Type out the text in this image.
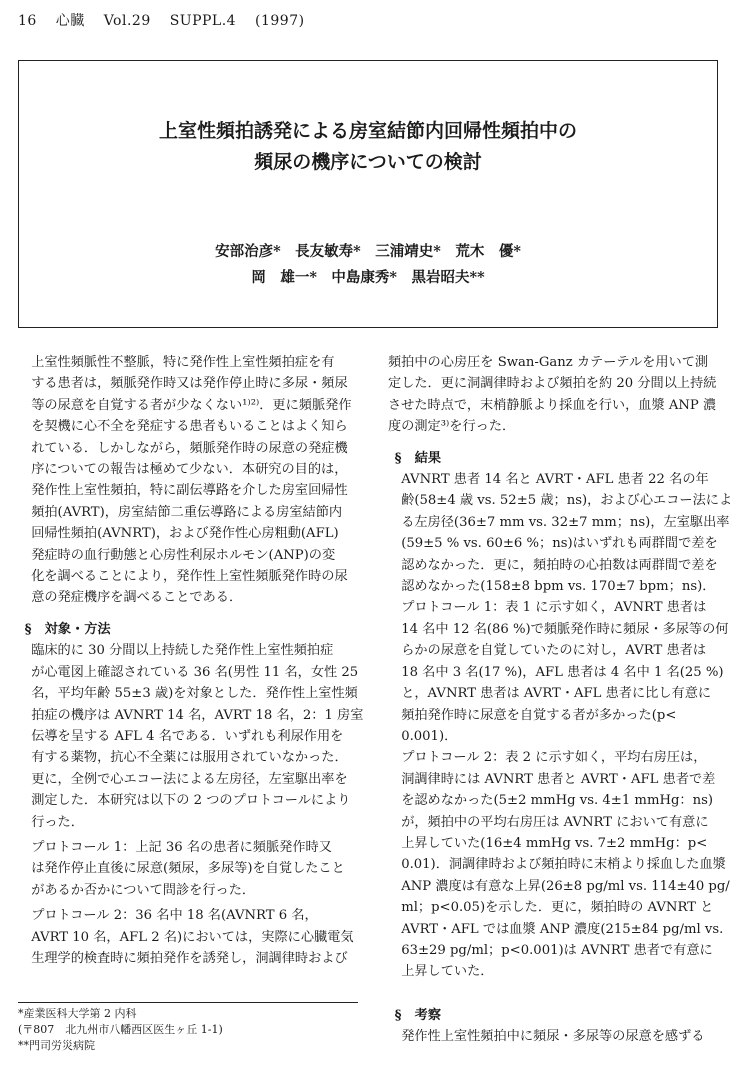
16 心臓 Vol.29 SUPPL.4 (1997)
上室性頻拍誘発による房室結節内回帰性頻拍中の
頻尿の機序についての検討
安部治彦*　長友敏寿*　三浦靖史*　荒木　優*
岡　雄一*　中島康秀*　黒岩昭夫**

上室性頻脈性不整脈，特に発作性上室性頻拍症を有
する患者は，頻脈発作時又は発作停止時に多尿・頻尿
等の尿意を自覚する者が少なくない¹⁾²⁾．更に頻脈発作
を契機に心不全を発症する患者もいることはよく知ら
れている．しかしながら，頻脈発作時の尿意の発症機
序についての報告は極めて少ない．本研究の目的は，
発作性上室性頻拍，特に副伝導路を介した房室回帰性
頻拍(AVRT)，房室結節二重伝導路による房室結節内
回帰性頻拍(AVNRT)，および発作性心房粗動(AFL)
発症時の血行動態と心房性利尿ホルモン(ANP)の変
化を調べることにより，発作性上室性頻脈発作時の尿
意の発症機序を調べることである．

§　対象・方法

臨床的に 30 分間以上持続した発作性上室性頻拍症
が心電図上確認されている 36 名(男性 11 名，女性 25
名，平均年齢 55±3 歳)を対象とした．発作性上室性頻
拍症の機序は AVNRT 14 名，AVRT 18 名，2：1 房室
伝導を呈する AFL 4 名である．いずれも利尿作用を
有する薬物，抗心不全薬には服用されていなかった．
更に，全例で心エコー法による左房径，左室駆出率を
測定した．本研究は以下の 2 つのプロトコールにより
行った．

プロトコール 1：上記 36 名の患者に頻脈発作時又
は発作停止直後に尿意(頻尿，多尿等)を自覚したこと
があるか否かについて問診を行った．

プロトコール 2：36 名中 18 名(AVNRT 6 名，
AVRT 10 名，AFL 2 名)においては，実際に心臓電気
生理学的検査時に頻拍発作を誘発し，洞調律時および

頻拍中の心房圧を Swan-Ganz カテーテルを用いて測
定した．更に洞調律時および頻拍を約 20 分間以上持続
させた時点で，末梢静脈より採血を行い，血漿 ANP 濃
度の測定³⁾を行った．

§　結果

AVNRT 患者 14 名と AVRT・AFL 患者 22 名の年
齢(58±4 歳 vs. 52±5 歳；ns)，および心エコー法によ
る左房径(36±7 mm vs. 32±7 mm；ns)，左室駆出率
(59±5 % vs. 60±6 %；ns)はいずれも両群間で差を
認めなかった．更に，頻拍時の心拍数は両群間で差を
認めなかった(158±8 bpm vs. 170±7 bpm；ns)．

プロトコール 1：表 1 に示す如く，AVNRT 患者は
14 名中 12 名(86 %)で頻脈発作時に頻尿・多尿等の何
らかの尿意を自覚していたのに対し，AVRT 患者は
18 名中 3 名(17 %)，AFL 患者は 4 名中 1 名(25 %)
と，AVNRT 患者は AVRT・AFL 患者に比し有意に
頻拍発作時に尿意を自覚する者が多かった(p<
0.001)．

プロトコール 2：表 2 に示す如く，平均右房圧は，
洞調律時には AVNRT 患者と AVRT・AFL 患者で差
を認めなかった(5±2 mmHg vs. 4±1 mmHg：ns)
が，頻拍中の平均右房圧は AVNRT において有意に
上昇していた(16±4 mmHg vs. 7±2 mmHg：p<
0.01)．洞調律時および頻拍時に末梢より採血した血漿
ANP 濃度は有意な上昇(26±8 pg/ml vs. 114±40 pg/
ml；p<0.05)を示した．更に，頻拍時の AVNRT と
AVRT・AFL では血漿 ANP 濃度(215±84 pg/ml vs.
63±29 pg/ml；p<0.001)は AVNRT 患者で有意に
上昇していた．

§　考察

発作性上室性頻拍中に頻尿・多尿等の尿意を感ずる

*産業医科大学第 2 内科
(〒807　北九州市八幡西区医生ヶ丘 1-1)
**門司労災病院
